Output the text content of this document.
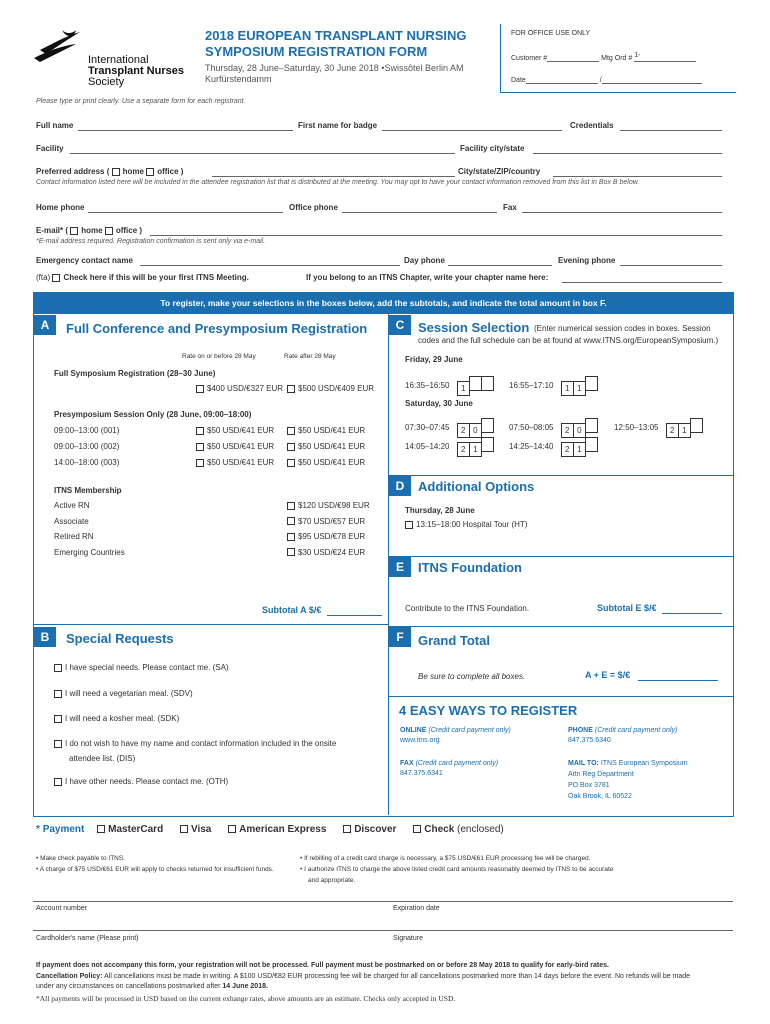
International
Transplant Nurses
Society
2018 EUROPEAN TRANSPLANT NURSING
SYMPOSIUM REGISTRATION FORM
Thursday, 28 June–Saturday, 30 June 2018 •Swissôtel Berlin AM
Kurfürstendamm
FOR OFFICE USE ONLY
Customer #	Mtg Ord # 1-
Date	/
Please type or print clearly. Use a separate form for each registrant.
Full name	First name for badge	Credentials
Facility	Facility city/state
Preferred address ( home office )	City/state/ZIP/country
Contact information listed here will be included in the attendee registration list that is distributed at the meeting. You may opt to have your contact information removed from this list in Box B below.
Home phone	Office phone	Fax
E-mail* ( home office )
*E-mail address required. Registration confirmation is sent only via e-mail.
Emergency contact name	Day phone	Evening phone
(fta) Check here if this will be your first ITNS Meeting.	If you belong to an ITNS Chapter, write your chapter name here:
To register, make your selections in the boxes below, add the subtotals, and indicate the total amount in box F.
A	Full Conference and Presymposium Registration
Rate on or before 28 May	Rate after 28 May
Full Symposium Registration (28–30 June)
$400 USD/€327 EUR	$500 USD/€409 EUR
Presymposium Session Only (28 June, 09:00–18:00)
09:00–13:00 (001)	$50 USD/€41 EUR	$50 USD/€41 EUR
09:00–13:00 (002)	$50 USD/€41 EUR	$50 USD/€41 EUR
14:00–18:00 (003)	$50 USD/€41 EUR	$50 USD/€41 EUR
ITNS Membership
Active RN	$120 USD/€98 EUR
Associate	$70 USD/€57 EUR
Retired RN	$95 USD/€78 EUR
Emerging Countries	$30 USD/€24 EUR
Subtotal A $/€
B	Special Requests
I have special needs. Please contact me. (SA)
I will need a vegetarian meal. (SDV)
I will need a kosher meal. (SDK)
I do not wish to have my name and contact information included in the onsite
I have other needs. Please contact me. (OTH)
attendee list. (DIS)
C	Session Selection (Enter numerical session codes in boxes. Session
codes and the full schedule can be at found at www.ITNS.org/EuropeanSymposium.)
Friday, 29 June
16:35–16:50 1	16:55–17:10 1 1
Saturday, 30 June
07:30–07:45 2 0	07:50–08:05 2 0	12:50–13:05 2 1
14:05–14:20 2 1	14:25–14:40 2 1
D	Additional Options
Thursday, 28 June
13:15–18:00 Hospital Tour (HT)
E	ITNS Foundation
Contribute to the ITNS Foundation.	Subtotal E $/€
F	Grand Total
Be sure to complete all boxes.	A + E = $/€
4 EASY WAYS TO REGISTER
ONLINE (Credit card payment only)
www.itns.org
PHONE (Credit card payment only)
847.375.6340
FAX (Credit card payment only)
847.375.6341
MAIL TO: ITNS European Symposium
Attn Reg Department
PO Box 3781
Oak Brook, IL 60522
* Payment MasterCard	Visa	American Express	Discover	Check (enclosed)
• Make check payable to ITNS.
• A charge of $75 USD/€61 EUR will apply to checks returned for insufficient funds.
• If rebilling of a credit card charge is necessary, a $75 USD/€61 EUR processing fee will be charged.
• I authorize ITNS to charge the above listed credit card amounts reasonably deemed by ITNS to be accurate
and appropriate.
Account number	Expiration date
Cardholder's name (Please print)	Signature
If payment does not accompany this form, your registration will not be processed. Full payment must be postmarked on or before 28 May 2018 to qualify for early-bird rates.
Cancellation Policy: All cancellations must be made in writing. A $100 USD/€82 EUR processing fee will be charged for all cancellations postmarked more than 14 days before the event. No refunds will be made
under any circumstances on cancellations postmarked after 14 June 2018.
*All payments will be processed in USD based on the current exhange rates, above amounts are an estimate. Checks only accepted in USD.
